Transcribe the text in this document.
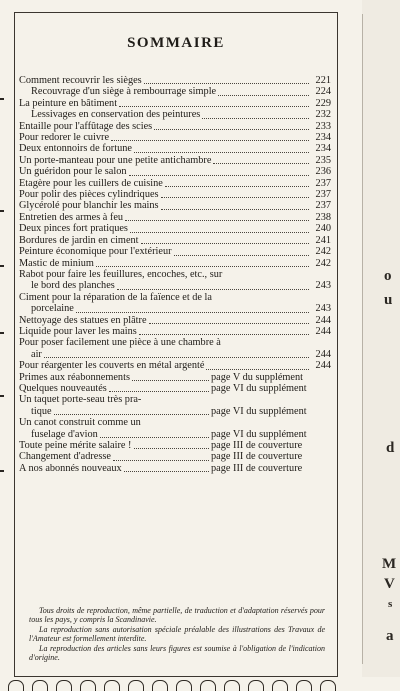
o
u
d
M
V
s
a
SOMMAIRE
Comment recouvrir les sièges	221
Recouvrage d'un siège à rembourrage simple	224
La peinture en bâtiment	229
Lessivages en conservation des peintures	232
Entaille pour l'affûtage des scies	233
Pour redorer le cuivre	234
Deux entonnoirs de fortune	234
Un porte-manteau pour une petite antichambre	235
Un guéridon pour le salon	236
Etagère pour les cuillers de cuisine	237
Pour polir des pièces cylindriques	237
Glycérolé pour blanchir les mains	237
Entretien des armes à feu	238
Deux pinces fort pratiques	240
Bordures de jardin en ciment	241
Peinture économique pour l'extérieur	242
Mastic de minium	242
Rabot pour faire les feuillures, encoches, etc., sur
le bord des planches	243
Ciment pour la réparation de la faïence et de la
porcelaine	243
Nettoyage des statues en plâtre	244
Liquide pour laver les mains	244
Pour poser facilement une pièce à une chambre à
air	244
Pour réargenter les couverts en métal argenté	244
Primes aux réabonnements	page V du supplément
Quelques nouveautés	page VI du supplément
Un taquet porte-seau très pra-
tique	page VI du supplément
Un canot construit comme un
fuselage d'avion	page VI du supplément
Toute peine mérite salaire !	page III de couverture
Changement d'adresse	page III de couverture
A nos abonnés nouveaux	page III de couverture

Tous droits de reproduction, même partielle, de traduction et d'adaptation réservés pour tous les pays, y compris la Scandinavie.

La reproduction sans autorisation spéciale préalable des illustrations des Travaux de l'Amateur est formellement interdite.

La reproduction des articles sans leurs figures est soumise à l'obligation de l'indication d'origine.
